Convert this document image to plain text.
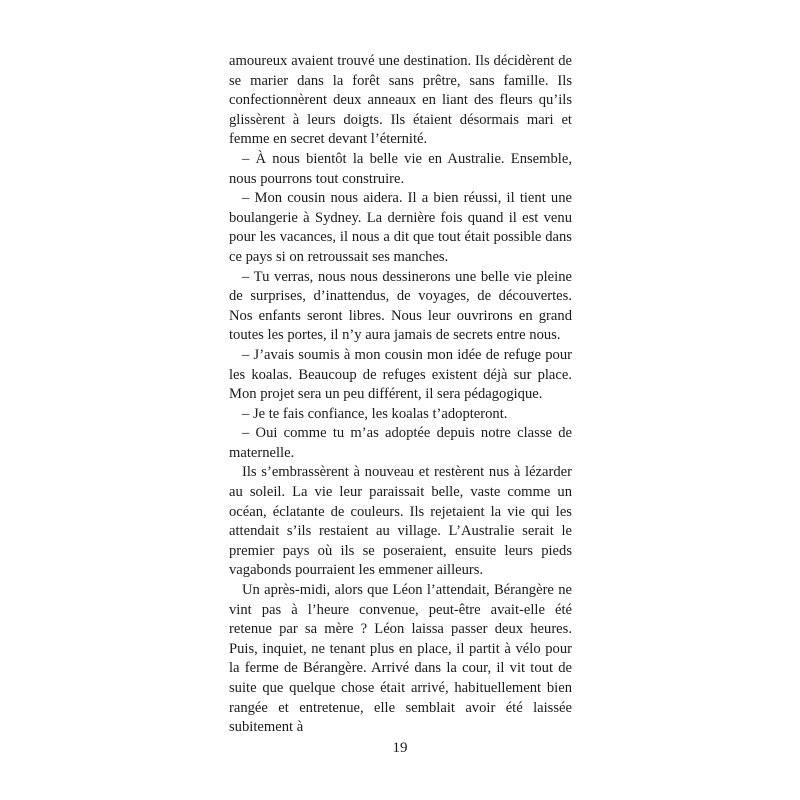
amoureux avaient trouvé une destination. Ils décidèrent de se marier dans la forêt sans prêtre, sans famille. Ils confectionnèrent deux anneaux en liant des fleurs qu’ils glissèrent à leurs doigts. Ils étaient désormais mari et femme en secret devant l’éternité.

– À nous bientôt la belle vie en Australie. Ensemble, nous pourrons tout construire.

– Mon cousin nous aidera. Il a bien réussi, il tient une boulangerie à Sydney. La dernière fois quand il est venu pour les vacances, il nous a dit que tout était possible dans ce pays si on retroussait ses manches.

– Tu verras, nous nous dessinerons une belle vie pleine de surprises, d’inattendus, de voyages, de découvertes. Nos enfants seront libres. Nous leur ouvrirons en grand toutes les portes, il n’y aura jamais de secrets entre nous.

– J’avais soumis à mon cousin mon idée de refuge pour les koalas. Beaucoup de refuges existent déjà sur place. Mon projet sera un peu différent, il sera pédagogique.

– Je te fais confiance, les koalas t’adopteront.

– Oui comme tu m’as adoptée depuis notre classe de maternelle.

Ils s’embrassèrent à nouveau et restèrent nus à lézarder au soleil. La vie leur paraissait belle, vaste comme un océan, éclatante de couleurs. Ils rejetaient la vie qui les attendait s’ils restaient au village. L’Australie serait le premier pays où ils se poseraient, ensuite leurs pieds vagabonds pourraient les emmener ailleurs.

Un après-midi, alors que Léon l’attendait, Bérangère ne vint pas à l’heure convenue, peut-être avait-elle été retenue par sa mère ? Léon laissa passer deux heures. Puis, inquiet, ne tenant plus en place, il partit à vélo pour la ferme de Bérangère. Arrivé dans la cour, il vit tout de suite que quelque chose était arrivé, habituellement bien rangée et entretenue, elle semblait avoir été laissée subitement à

19
